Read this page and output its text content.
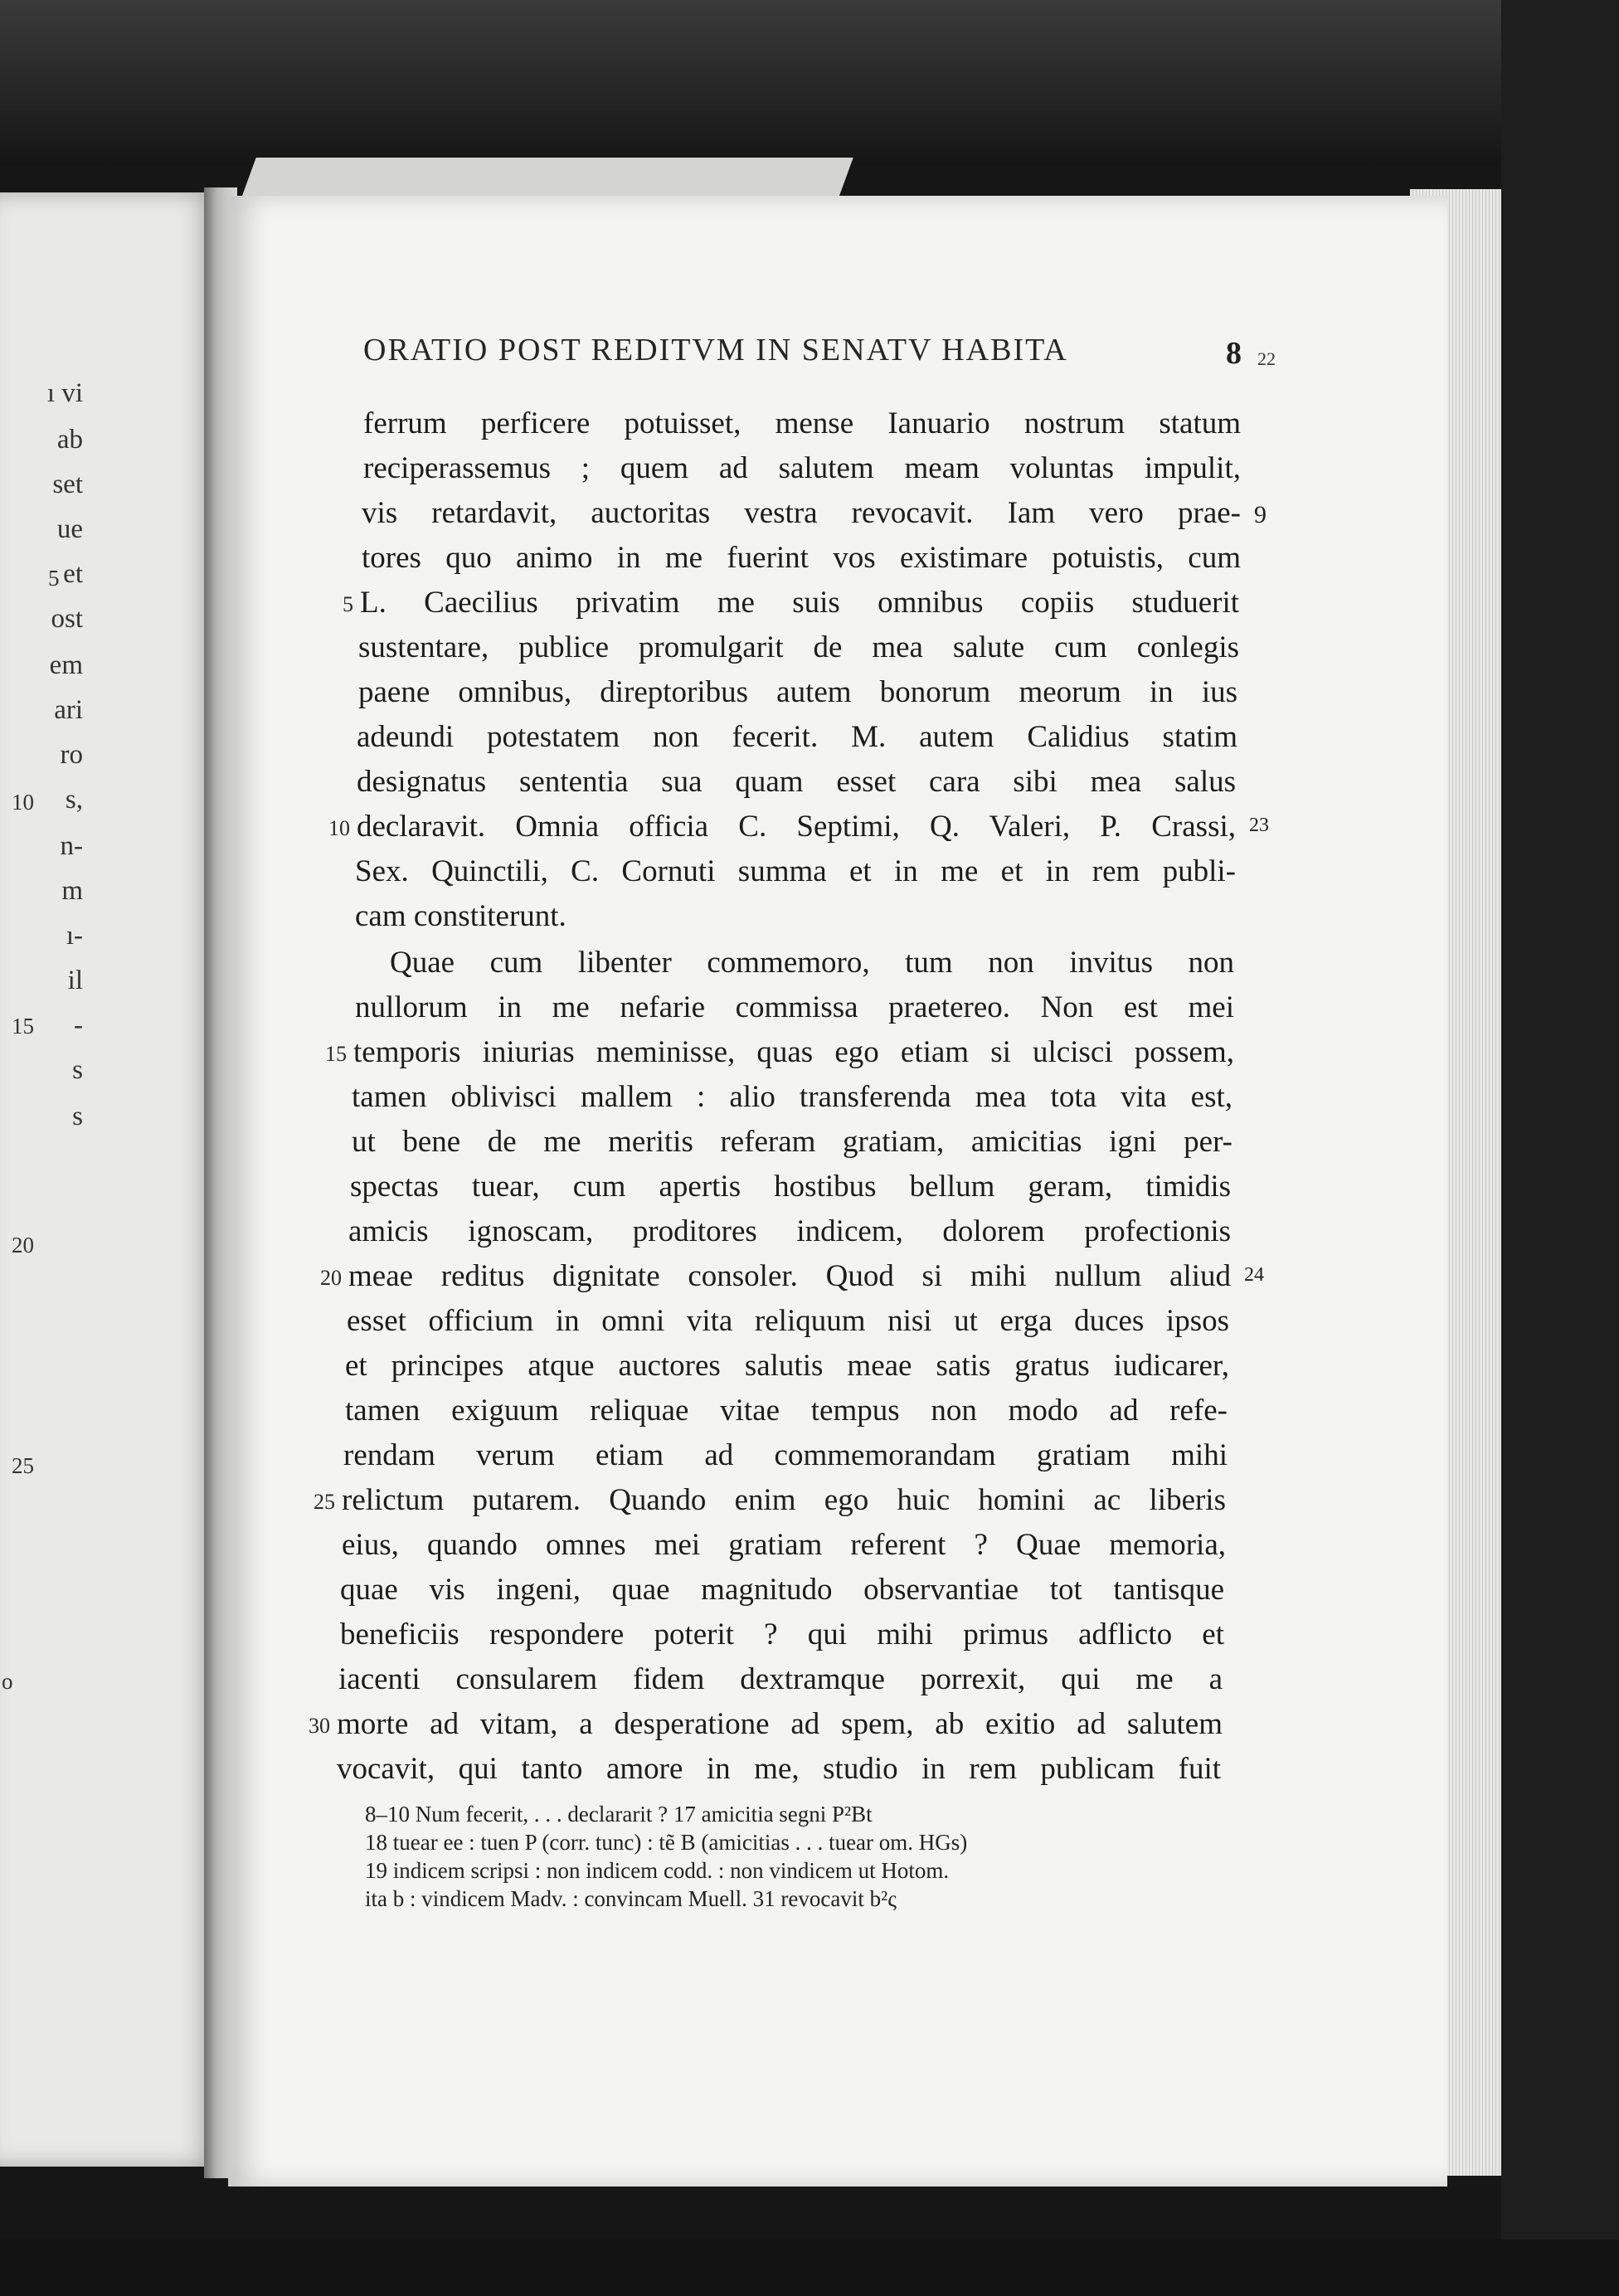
ı vi
ab
set
ue
et
ost
em
ari
ro
s,
n-
m
ı-
il
-
s
s
5
10
15
20
25
o
ORATIO POST REDITVM IN SENATV HABITA	8 22
ferrum perficere potuisset, mense Ianuario nostrum statum
reciperassemus ; quem ad salutem meam voluntas impulit,
vis retardavit, auctoritas vestra revocavit. Iam vero prae- 9
tores quo animo in me fuerint vos existimare potuistis, cum
L. Caecilius privatim me suis omnibus copiis studuerit
5
sustentare, publice promulgarit de mea salute cum conlegis
paene omnibus, direptoribus autem bonorum meorum in ius
adeundi potestatem non fecerit. M. autem Calidius statim
designatus sententia sua quam esset cara sibi mea salus
declaravit. Omnia officia C. Septimi, Q. Valeri, P. Crassi,
10	23
Sex. Quinctili, C. Cornuti summa et in me et in rem publi-
cam constiterunt.
Quae cum libenter commemoro, tum non invitus non
nullorum in me nefarie commissa praetereo. Non est mei
temporis iniurias meminisse, quas ego etiam si ulcisci possem,
15
tamen oblivisci mallem : alio transferenda mea tota vita est,
ut bene de me meritis referam gratiam, amicitias igni per-
spectas tuear, cum apertis hostibus bellum geram, timidis
amicis ignoscam, proditores indicem, dolorem profectionis
meae reditus dignitate consoler. Quod si mihi nullum aliud
20	24
esset officium in omni vita reliquum nisi ut erga duces ipsos
et principes atque auctores salutis meae satis gratus iudicarer,
tamen exiguum reliquae vitae tempus non modo ad refe-
rendam verum etiam ad commemorandam gratiam mihi
relictum putarem. Quando enim ego huic homini ac liberis
25
eius, quando omnes mei gratiam referent ? Quae memoria,
quae vis ingeni, quae magnitudo observantiae tot tantisque
beneficiis respondere poterit ? qui mihi primus adflicto et
iacenti consularem fidem dextramque porrexit, qui me a
morte ad vitam, a desperatione ad spem, ab exitio ad salutem
30
vocavit, qui tanto amore in me, studio in rem publicam fuit
8–10 Num fecerit, . . . declararit ? 17 amicitia segni P²Bt
18 tuear ee : tuen P (corr. tunc) : tẽ B (amicitias . . . tuear om. HGs)
19 indicem scripsi : non indicem codd. : non vindicem ut Hotom.
ita b : vindicem Madv. : convincam Muell. 31 revocavit b²ς
